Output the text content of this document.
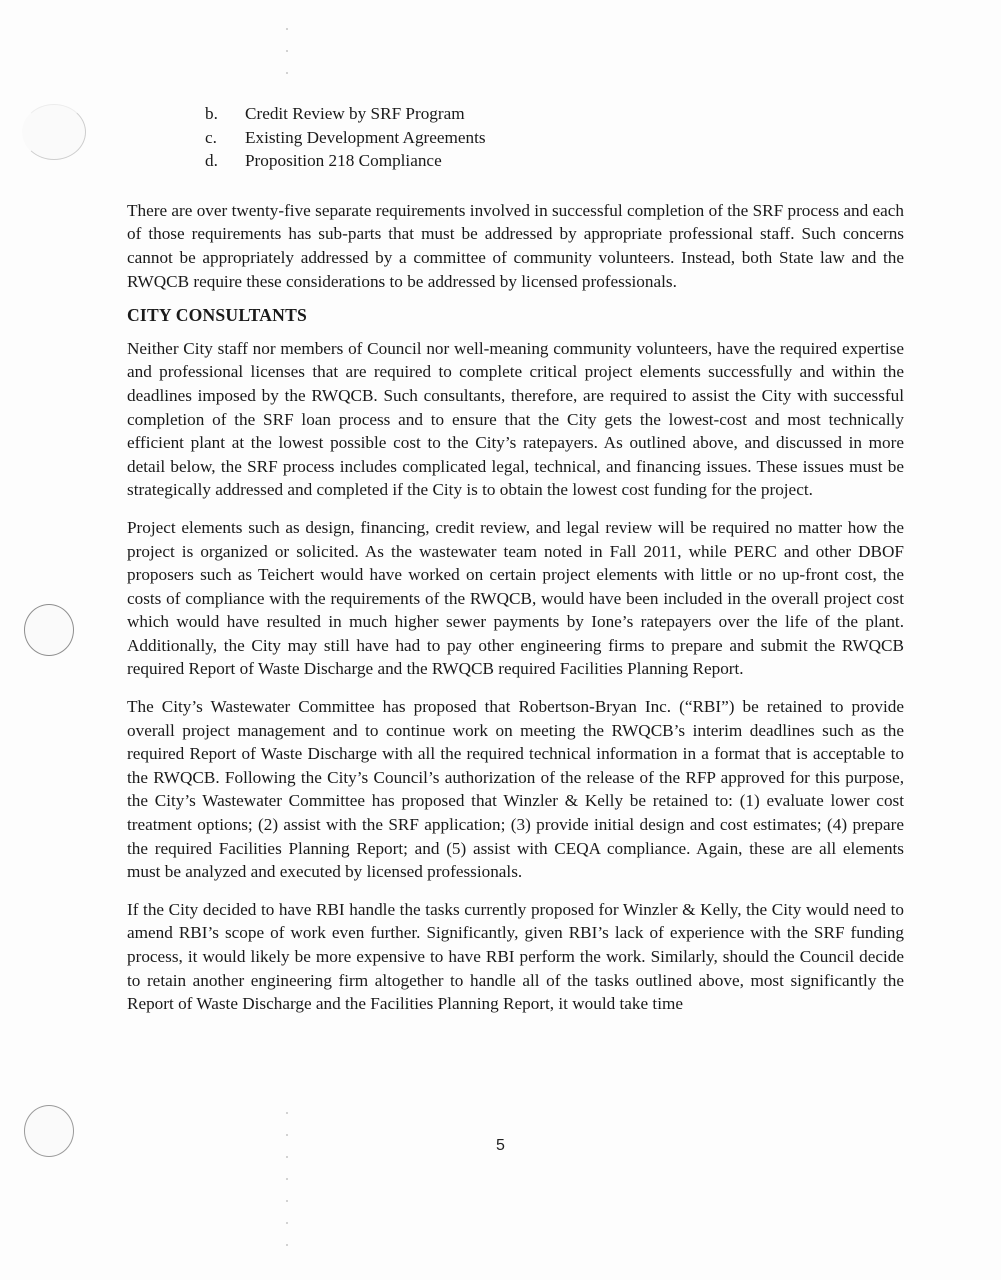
b.	Credit Review by SRF Program
c.	Existing Development Agreements
d.	Proposition 218 Compliance

There are over twenty-five separate requirements involved in successful completion of the SRF process and each of those requirements has sub-parts that must be addressed by appropriate professional staff. Such concerns cannot be appropriately addressed by a committee of community volunteers. Instead, both State law and the RWQCB require these considerations to be addressed by licensed professionals.

CITY CONSULTANTS

Neither City staff nor members of Council nor well-meaning community volunteers, have the required expertise and professional licenses that are required to complete critical project elements successfully and within the deadlines imposed by the RWQCB. Such consultants, therefore, are required to assist the City with successful completion of the SRF loan process and to ensure that the City gets the lowest-cost and most technically efficient plant at the lowest possible cost to the City’s ratepayers. As outlined above, and discussed in more detail below, the SRF process includes complicated legal, technical, and financing issues. These issues must be strategically addressed and completed if the City is to obtain the lowest cost funding for the project.

Project elements such as design, financing, credit review, and legal review will be required no matter how the project is organized or solicited. As the wastewater team noted in Fall 2011, while PERC and other DBOF proposers such as Teichert would have worked on certain project elements with little or no up-front cost, the costs of compliance with the requirements of the RWQCB, would have been included in the overall project cost which would have resulted in much higher sewer payments by Ione’s ratepayers over the life of the plant. Additionally, the City may still have had to pay other engineering firms to prepare and submit the RWQCB required Report of Waste Discharge and the RWQCB required Facilities Planning Report.

The City’s Wastewater Committee has proposed that Robertson-Bryan Inc. (“RBI”) be retained to provide overall project management and to continue work on meeting the RWQCB’s interim deadlines such as the required Report of Waste Discharge with all the required technical information in a format that is acceptable to the RWQCB. Following the City’s Council’s authorization of the release of the RFP approved for this purpose, the City’s Wastewater Committee has proposed that Winzler & Kelly be retained to: (1) evaluate lower cost treatment options; (2) assist with the SRF application; (3) provide initial design and cost estimates; (4) prepare the required Facilities Planning Report; and (5) assist with CEQA compliance. Again, these are all elements must be analyzed and executed by licensed professionals.

If the City decided to have RBI handle the tasks currently proposed for Winzler & Kelly, the City would need to amend RBI’s scope of work even further. Significantly, given RBI’s lack of experience with the SRF funding process, it would likely be more expensive to have RBI perform the work. Similarly, should the Council decide to retain another engineering firm altogether to handle all of the tasks outlined above, most significantly the Report of Waste Discharge and the Facilities Planning Report, it would take time

5
